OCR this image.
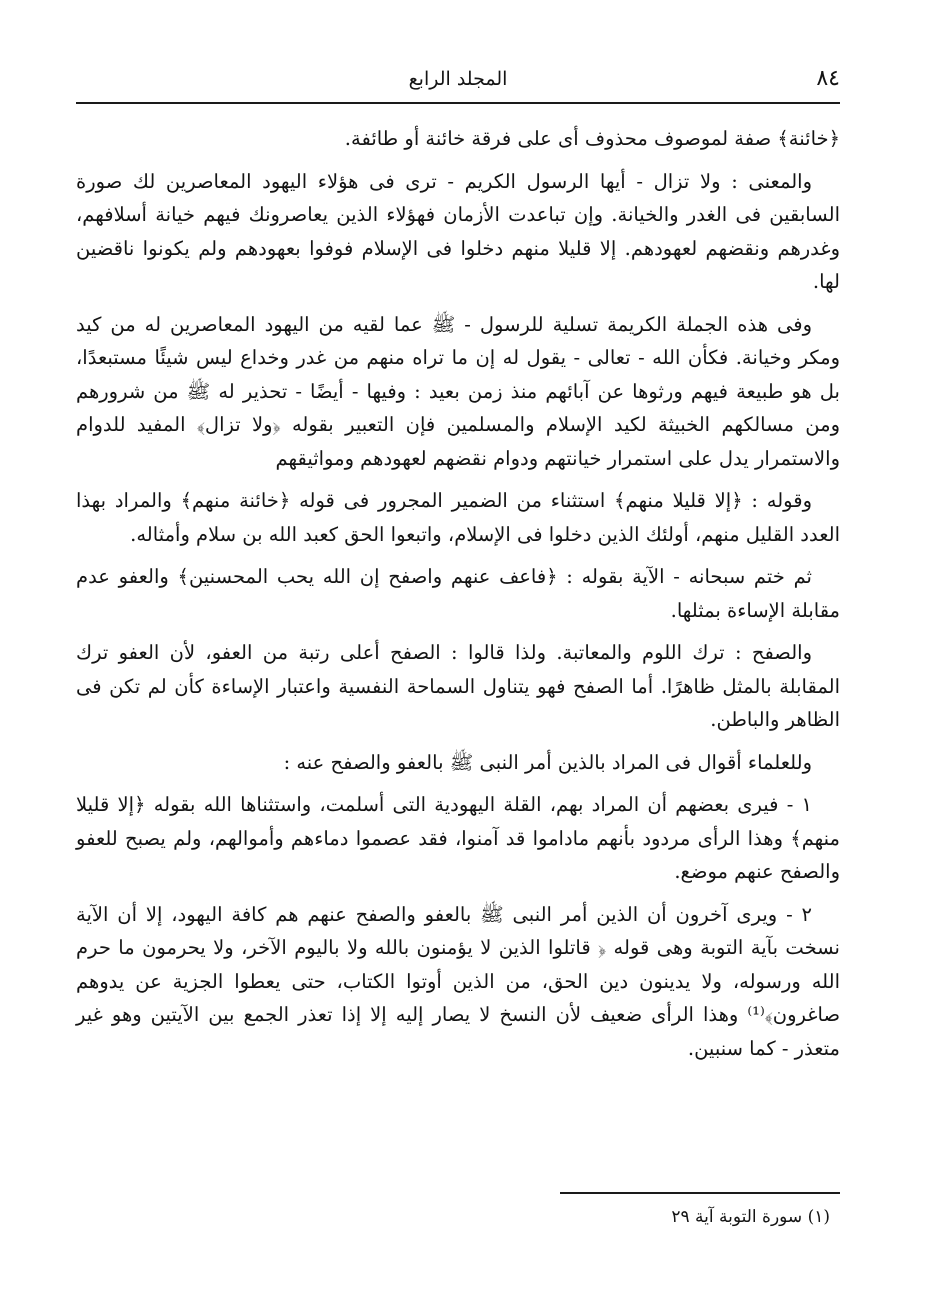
٨٤
المجلد الرابع

﴿خائنة﴾ صفة لموصوف محذوف أى على فرقة خائنة أو طائفة.

والمعنى : ولا تزال - أيها الرسول الكريم - ترى فى هؤلاء اليهود المعاصرين لك صورة السابقين فى الغدر والخيانة. وإن تباعدت الأزمان فهؤلاء الذين يعاصرونك فيهم خيانة أسلافهم، وغدرهم ونقضهم لعهودهم. إلا قليلا منهم دخلوا فى الإسلام فوفوا بعهودهم ولم يكونوا ناقضين لها.

وفى هذه الجملة الكريمة تسلية للرسول - ﷺ عما لقيه من اليهود المعاصرين له من كيد ومكر وخيانة. فكأن الله - تعالى - يقول له إن ما تراه منهم من غدر وخداع ليس شيئًا مستبعدًا، بل هو طبيعة فيهم ورثوها عن آبائهم منذ زمن بعيد : وفيها - أيضًا - تحذير له ﷺ من شرورهم ومن مسالكهم الخبيثة لكيد الإسلام والمسلمين فإن التعبير بقوله ﴿ولا تزال﴾ المفيد للدوام والاستمرار يدل على استمرار خيانتهم ودوام نقضهم لعهودهم ومواثيقهم

وقوله : ﴿إلا قليلا منهم﴾ استثناء من الضمير المجرور فى قوله ﴿خائنة منهم﴾ والمراد بهذا العدد القليل منهم، أولئك الذين دخلوا فى الإسلام، واتبعوا الحق كعبد الله بن سلام وأمثاله.

ثم ختم سبحانه - الآية بقوله : ﴿فاعف عنهم واصفح إن الله يحب المحسنين﴾ والعفو عدم مقابلة الإساءة بمثلها.

والصفح : ترك اللوم والمعاتبة. ولذا قالوا : الصفح أعلى رتبة من العفو، لأن العفو ترك المقابلة بالمثل ظاهرًا. أما الصفح فهو يتناول السماحة النفسية واعتبار الإساءة كأن لم تكن فى الظاهر والباطن.

وللعلماء أقوال فى المراد بالذين أمر النبى ﷺ بالعفو والصفح عنه :

١ - فيرى بعضهم أن المراد بهم، القلة اليهودية التى أسلمت، واستثناها الله بقوله ﴿إلا قليلا منهم﴾ وهذا الرأى مردود بأنهم ماداموا قد آمنوا، فقد عصموا دماءهم وأموالهم، ولم يصبح للعفو والصفح عنهم موضع.

٢ - ويرى آخرون أن الذين أمر النبى ﷺ بالعفو والصفح عنهم هم كافة اليهود، إلا أن الآية نسخت بآية التوبة وهى قوله ﴿ قاتلوا الذين لا يؤمنون بالله ولا باليوم الآخر، ولا يحرمون ما حرم الله ورسوله، ولا يدينون دين الحق، من الذين أوتوا الكتاب، حتى يعطوا الجزية عن يدوهم صاغرون﴾⁽¹⁾ وهذا الرأى ضعيف لأن النسخ لا يصار إليه إلا إذا تعذر الجمع بين الآيتين وهو غير متعذر - كما سنبين.

(١) سورة التوبة آية ٢٩
